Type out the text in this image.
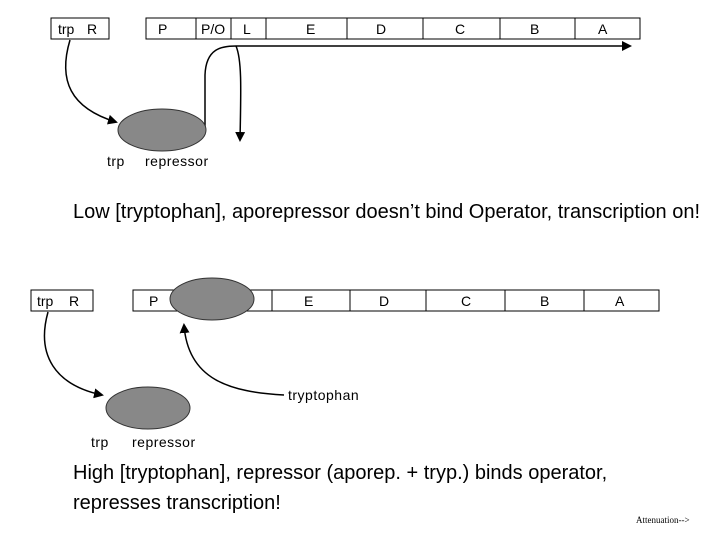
trp R	P P/O L	E	D	C	B	A
trp repressor
trp R	P	E	D	C	B	A
tryptophan
trp repressor

Low [tryptophan], aporepressor doesn’t bind Operator, transcription on!

High [tryptophan], repressor (aporep. + tryp.) binds operator, represses transcription!

Attenuation-->
